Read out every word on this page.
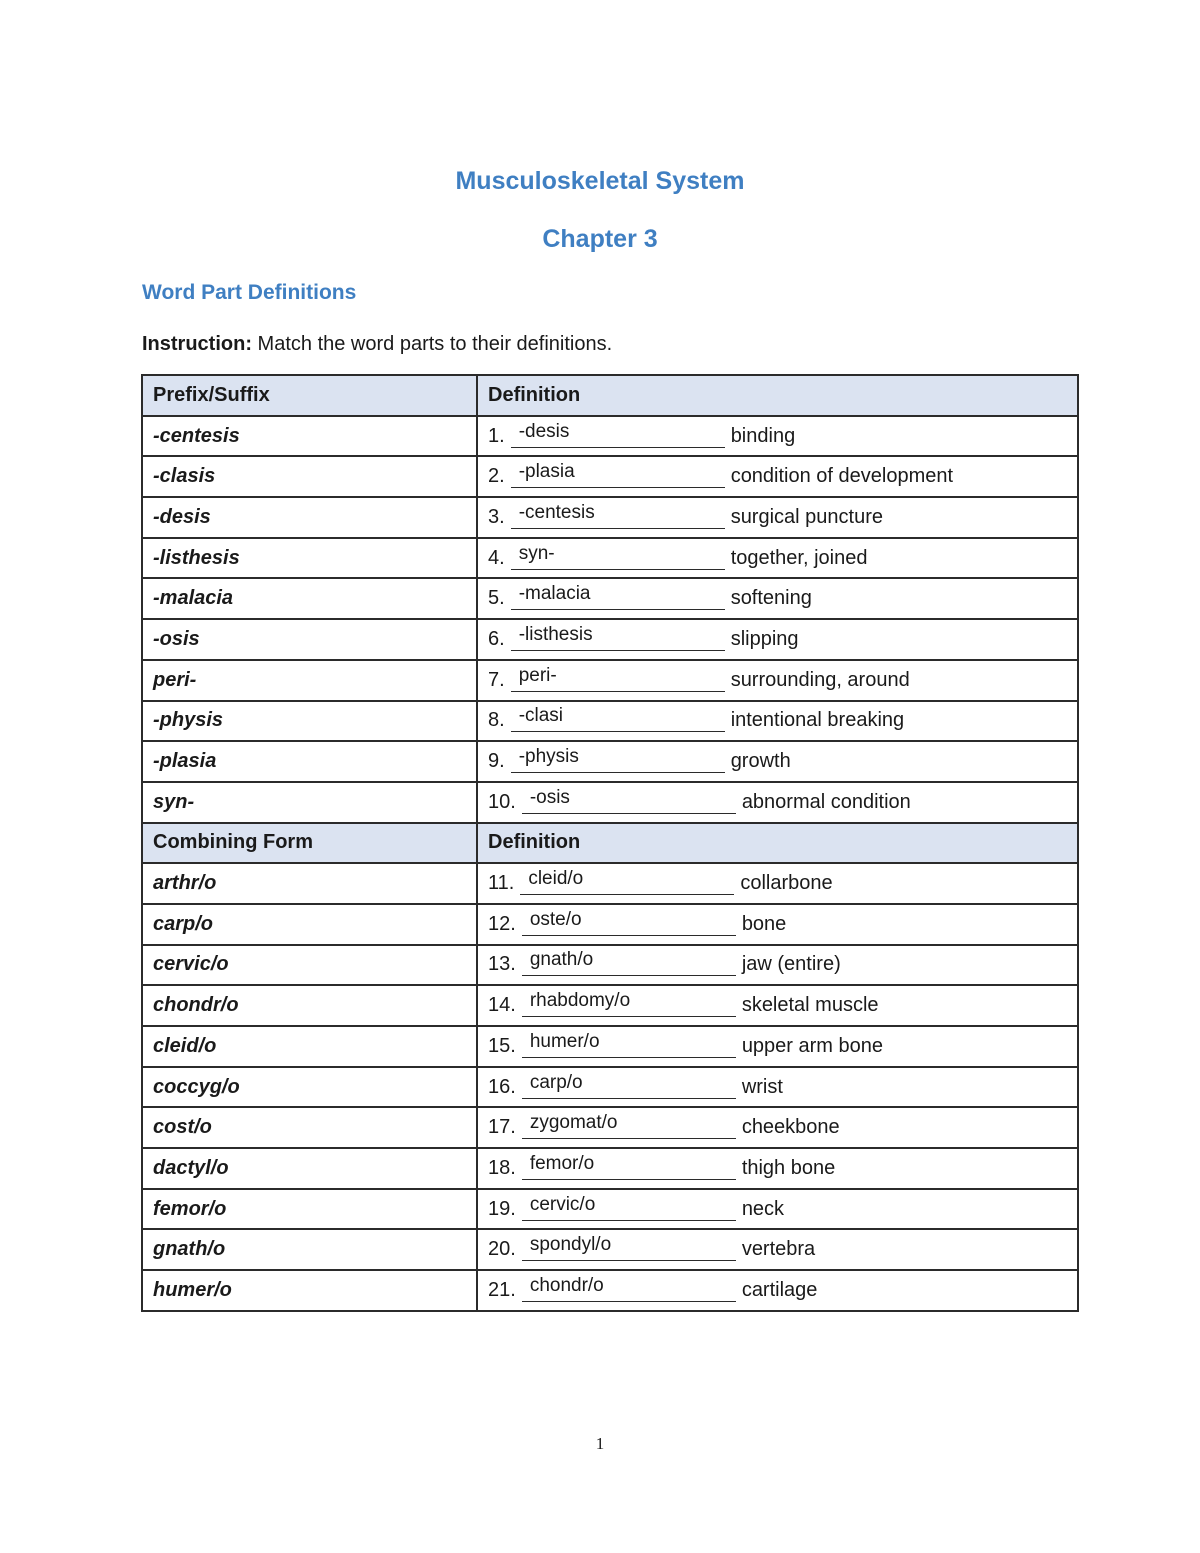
Musculoskeletal System
Chapter 3
Word Part Definitions

Instruction: Match the word parts to their definitions.

Prefix/Suffix	Definition
-centesis	1. -desis binding
-clasis	2. -plasia condition of development
-desis	3. -centesis surgical puncture
-listhesis	4. syn- together, joined
-malacia	5. -malacia softening
-osis	6. -listhesis slipping
peri-	7. peri- surrounding, around
-physis	8. -clasi intentional breaking
-plasia	9. -physis growth
syn-	10. -osis abnormal condition
Combining Form	Definition
arthr/o	11. cleid/o collarbone
carp/o	12. oste/o bone
cervic/o	13. gnath/o jaw (entire)
chondr/o	14. rhabdomy/o skeletal muscle
cleid/o	15. humer/o upper arm bone
coccyg/o	16. carp/o wrist
cost/o	17. zygomat/o cheekbone
dactyl/o	18. femor/o thigh bone
femor/o	19. cervic/o neck
gnath/o	20. spondyl/o vertebra
humer/o	21. chondr/o cartilage

1
